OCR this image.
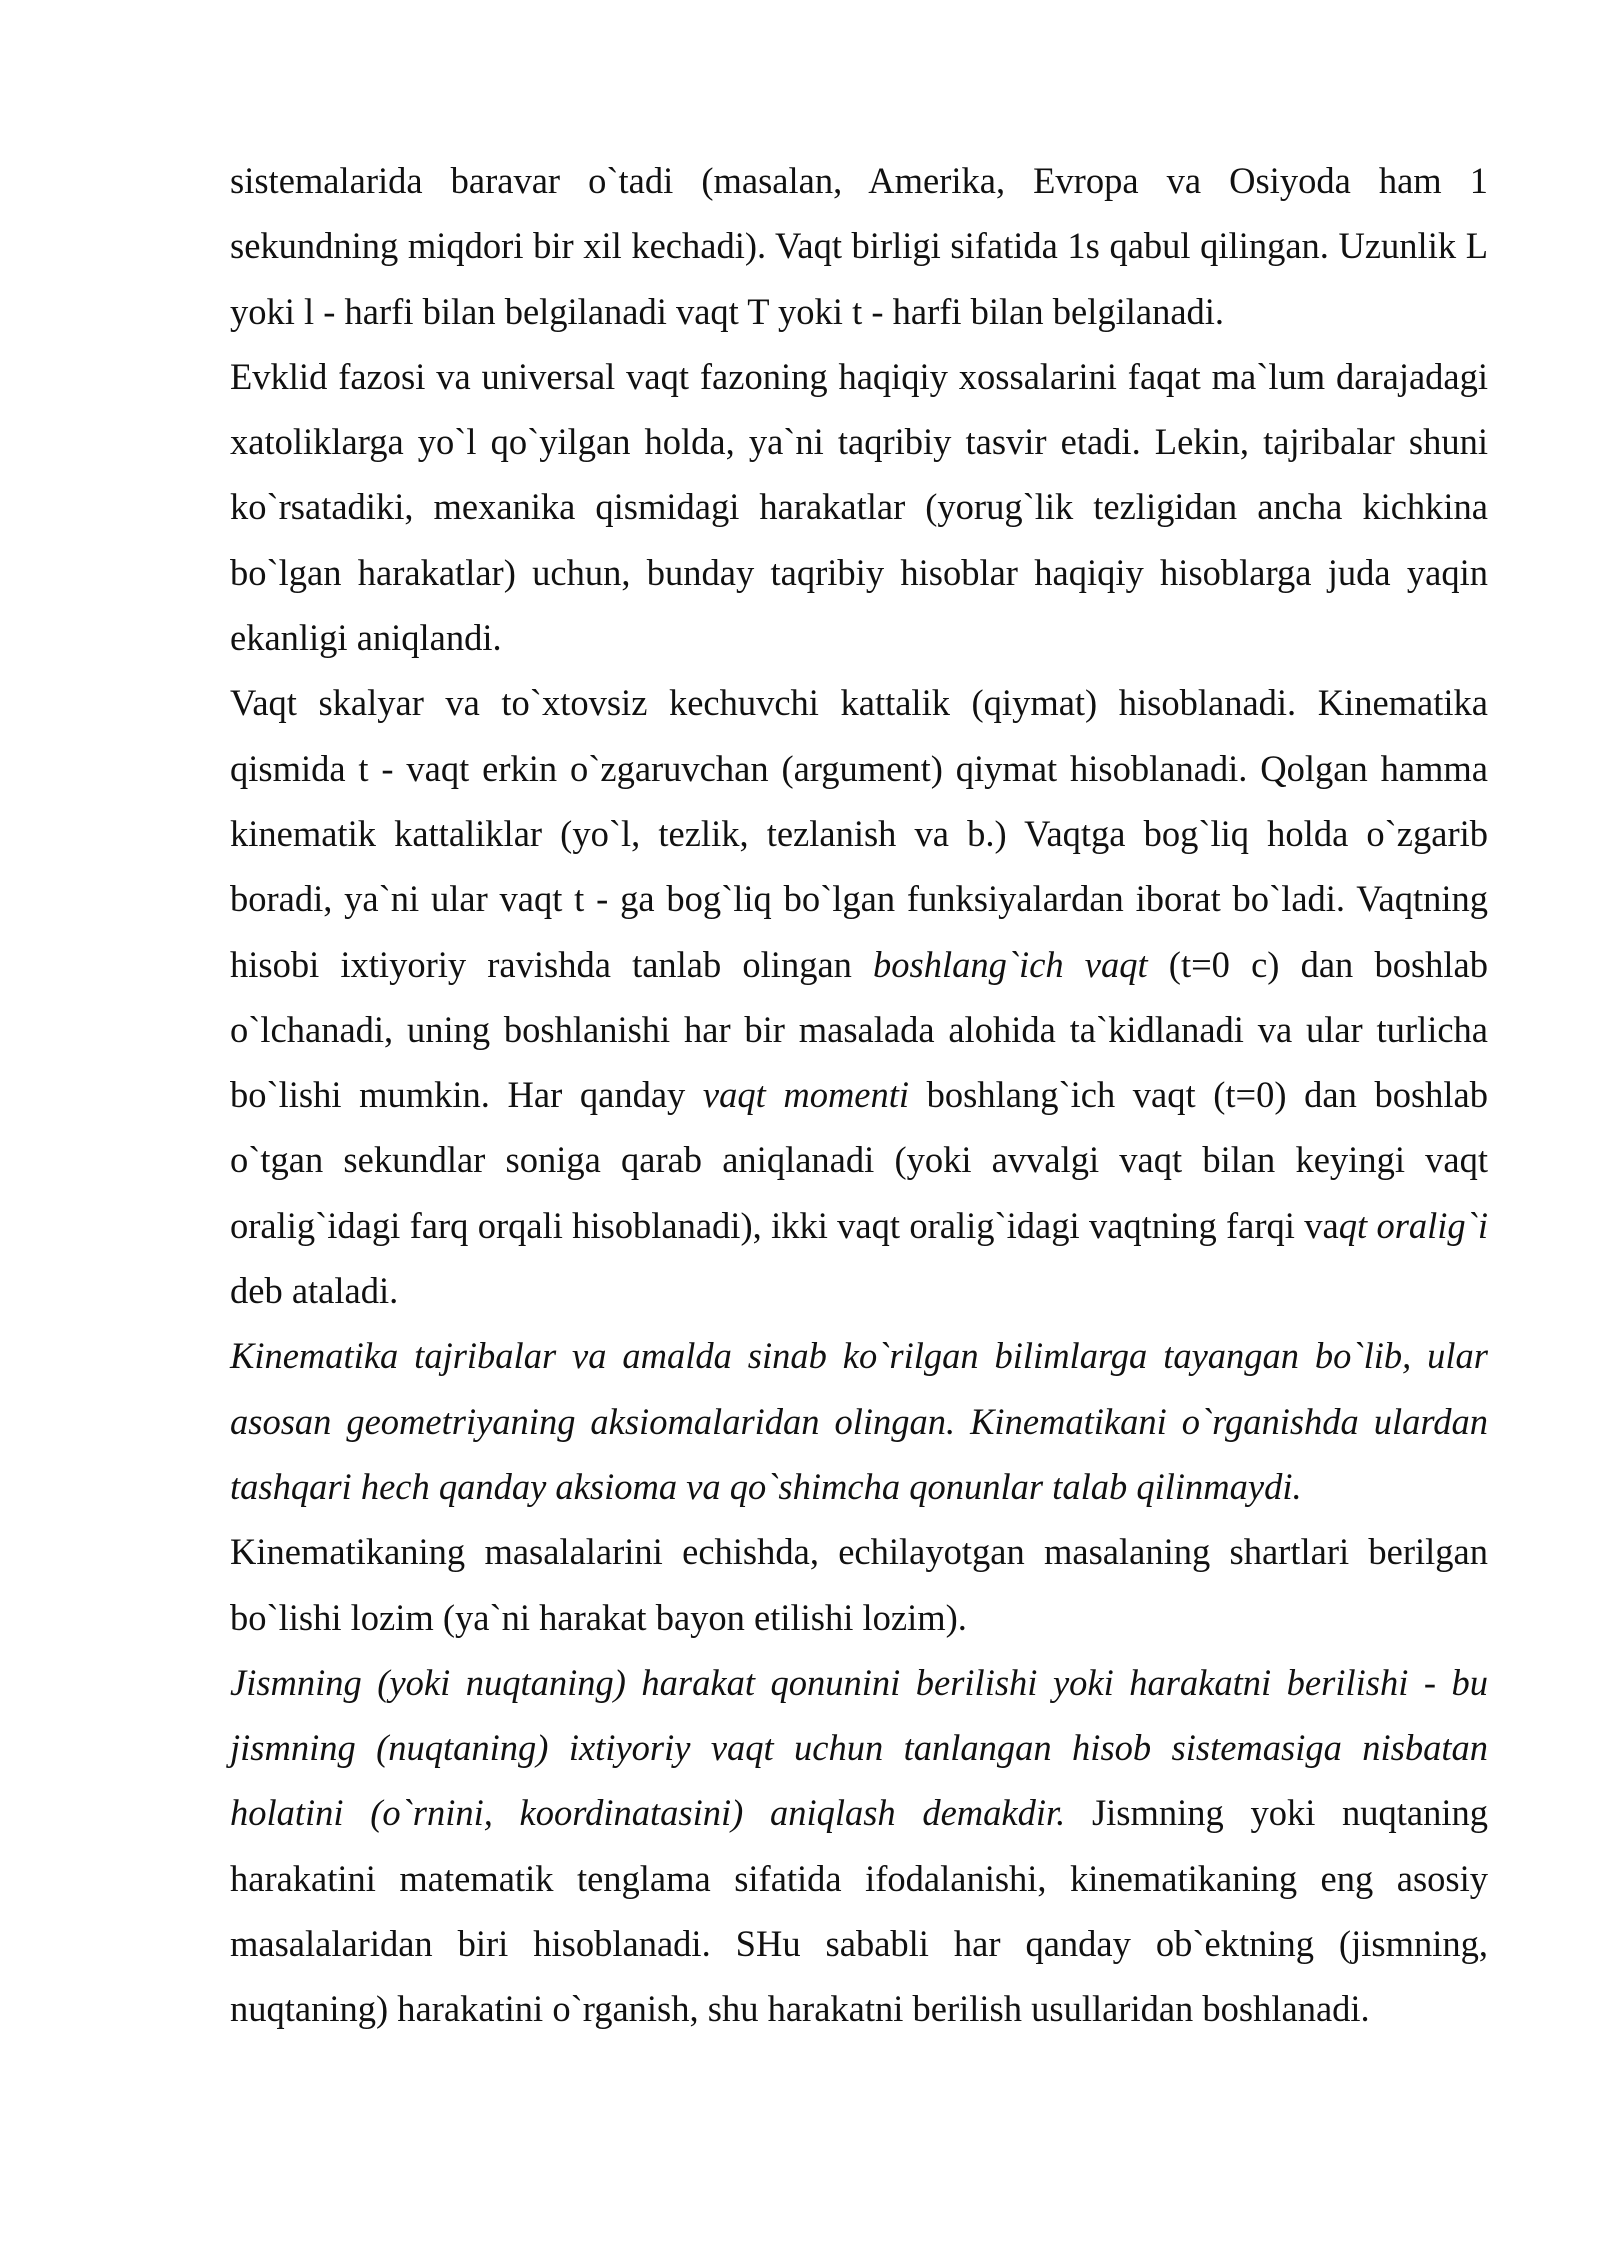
sistemalarida baravar o`tadi (masalan, Amerika, Evropa va Osiyoda ham 1 sekundning miqdori bir xil kechadi). Vaqt birligi sifatida 1s qabul qilingan. Uzunlik L yoki l - harfi bilan belgilanadi vaqt T yoki t - harfi bilan belgilanadi.

Evklid fazosi va universal vaqt fazoning haqiqiy xossalarini faqat ma`lum darajadagi xatoliklarga yo`l qo`yilgan holda, ya`ni taqribiy tasvir etadi. Lekin, tajribalar shuni ko`rsatadiki, mexanika qismidagi harakatlar (yorug`lik tezligidan ancha kichkina bo`lgan harakatlar) uchun, bunday taqribiy hisoblar haqiqiy hisoblarga juda yaqin ekanligi aniqlandi.

Vaqt skalyar va to`xtovsiz kechuvchi kattalik (qiymat) hisoblanadi. Kinematika qismida t - vaqt erkin o`zgaruvchan (argument) qiymat hisoblanadi. Qolgan hamma kinematik kattaliklar (yo`l, tezlik, tezlanish va b.) Vaqtga bog`liq holda o`zgarib boradi, ya`ni ular vaqt t - ga bog`liq bo`lgan funksiyalardan iborat bo`ladi. Vaqtning hisobi ixtiyoriy ravishda tanlab olingan boshlang`ich vaqt (t=0 c) dan boshlab o`lchanadi, uning boshlanishi har bir masalada alohida ta`kidlanadi va ular turlicha bo`lishi mumkin. Har qanday vaqt momenti boshlang`ich vaqt (t=0) dan boshlab o`tgan sekundlar soniga qarab aniqlanadi (yoki avvalgi vaqt bilan keyingi vaqt oralig`idagi farq orqali hisoblanadi), ikki vaqt oralig`idagi vaqtning farqi vaqt oralig`i deb ataladi.

Kinematika tajribalar va amalda sinab ko`rilgan bilimlarga tayangan bo`lib, ular asosan geometriyaning aksiomalaridan olingan. Kinematikani o`rganishda ulardan tashqari hech qanday aksioma va qo`shimcha qonunlar talab qilinmaydi.

Kinematikaning masalalarini echishda, echilayotgan masalaning shartlari berilgan bo`lishi lozim (ya`ni harakat bayon etilishi lozim).

Jismning (yoki nuqtaning) harakat qonunini berilishi yoki harakatni berilishi - bu jismning (nuqtaning) ixtiyoriy vaqt uchun tanlangan hisob sistemasiga nisbatan holatini (o`rnini, koordinatasini) aniqlash demakdir. Jismning yoki nuqtaning harakatini matematik tenglama sifatida ifodalanishi, kinematikaning eng asosiy masalalaridan biri hisoblanadi. SHu sababli har qanday ob`ektning (jismning, nuqtaning) harakatini o`rganish, shu harakatni berilish usullaridan boshlanadi.
